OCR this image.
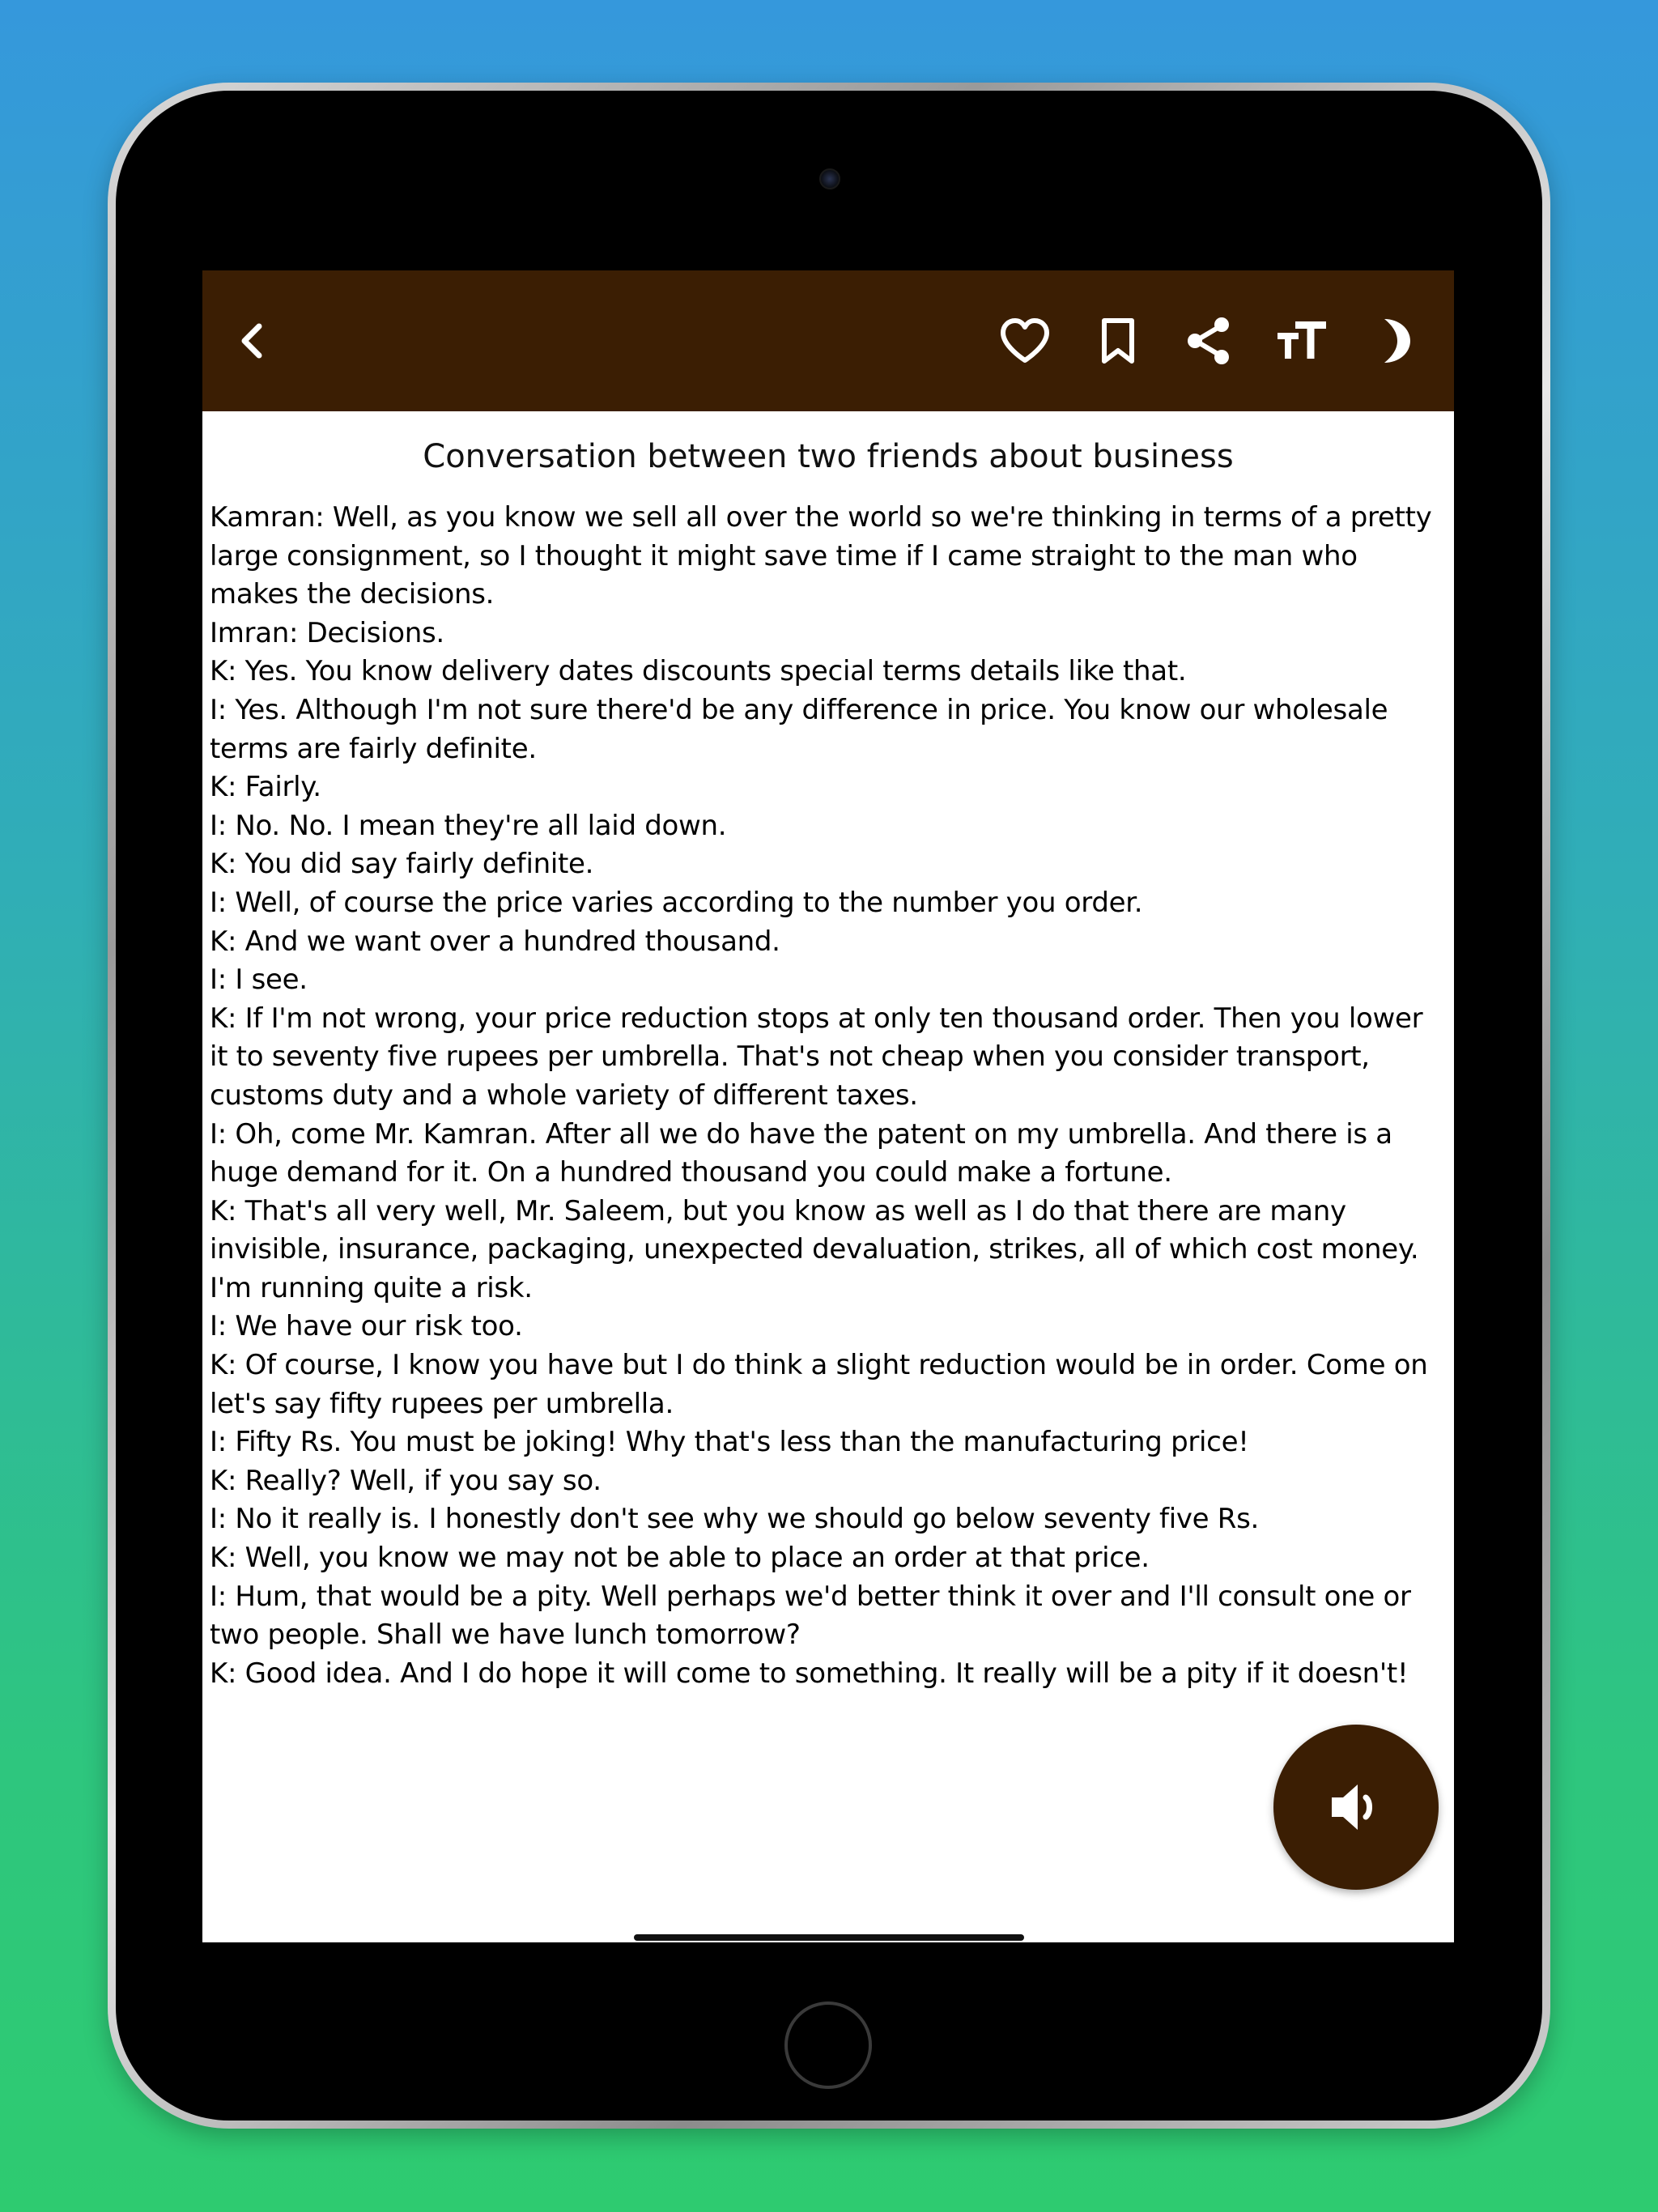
Conversation between two friends about business
Kamran: Well, as you know we sell all over the world so we're thinking in terms of a pretty large consignment, so I thought it might save time if I came straight to the man who makes the decisions.
Imran: Decisions.
K: Yes. You know delivery dates discounts special terms details like that.
I: Yes. Although I'm not sure there'd be any difference in price. You know our wholesale terms are fairly definite.
K: Fairly.
I: No. No. I mean they're all laid down.
K: You did say fairly definite.
I: Well, of course the price varies according to the number you order.
K: And we want over a hundred thousand.
I: I see.
K: If I'm not wrong, your price reduction stops at only ten thousand order. Then you lower it to seventy five rupees per umbrella. That's not cheap when you consider transport, customs duty and a whole variety of different taxes.
I: Oh, come Mr. Kamran. After all we do have the patent on my umbrella. And there is a huge demand for it. On a hundred thousand you could make a fortune.
K: That's all very well, Mr. Saleem, but you know as well as I do that there are many invisible, insurance, packaging, unexpected devaluation, strikes, all of which cost money. I'm running quite a risk.
I: We have our risk too.
K: Of course, I know you have but I do think a slight reduction would be in order. Come on let's say fifty rupees per umbrella.
I: Fifty Rs. You must be joking! Why that's less than the manufacturing price!
K: Really? Well, if you say so.
I: No it really is. I honestly don't see why we should go below seventy five Rs.
K: Well, you know we may not be able to place an order at that price.
I: Hum, that would be a pity. Well perhaps we'd better think it over and I'll consult one or two people. Shall we have lunch tomorrow?
K: Good idea. And I do hope it will come to something. It really will be a pity if it doesn't!
